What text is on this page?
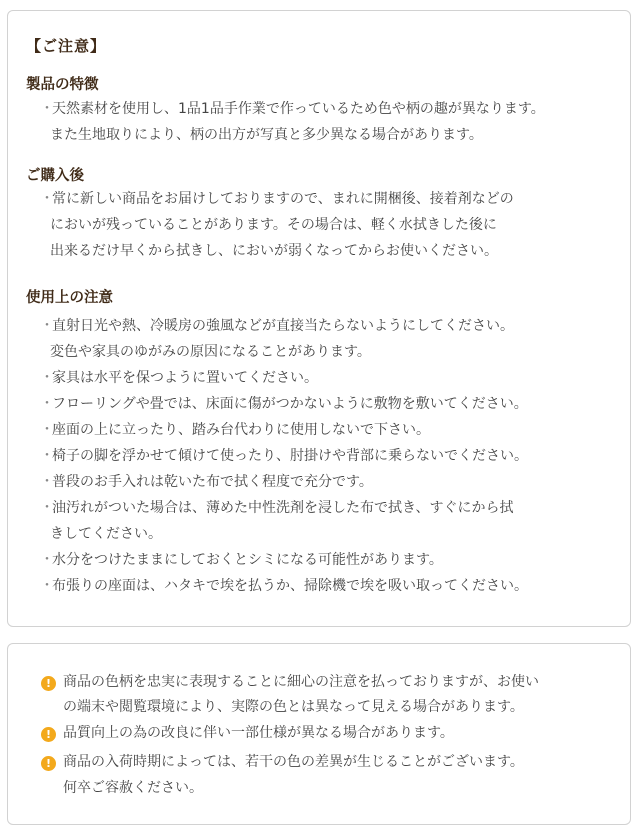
【ご注意】
製品の特徴
・天然素材を使用し、1品1品手作業で作っているため色や柄の趣が異なります。
また生地取りにより、柄の出方が写真と多少異なる場合があります。
ご購入後
・常に新しい商品をお届けしておりますので、まれに開梱後、接着剤などの
においが残っていることがあります。その場合は、軽く水拭きした後に
出来るだけ早くから拭きし、においが弱くなってからお使いください。
使用上の注意
・直射日光や熱、冷暖房の強風などが直接当たらないようにしてください。
変色や家具のゆがみの原因になることがあります。
・家具は水平を保つように置いてください。
・フローリングや畳では、床面に傷がつかないように敷物を敷いてください。
・座面の上に立ったり、踏み台代わりに使用しないで下さい。
・椅子の脚を浮かせて傾けて使ったり、肘掛けや背部に乗らないでください。
・普段のお手入れは乾いた布で拭く程度で充分です。
・油汚れがついた場合は、薄めた中性洗剤を浸した布で拭き、すぐにから拭
きしてください。
・水分をつけたままにしておくとシミになる可能性があります。
・布張りの座面は、ハタキで埃を払うか、掃除機で埃を吸い取ってください。
! 商品の色柄を忠実に表現することに細心の注意を払っておりますが、お使い
の端末や閲覧環境により、実際の色とは異なって見える場合があります。
! 品質向上の為の改良に伴い一部仕様が異なる場合があります。
! 商品の入荷時期によっては、若干の色の差異が生じることがございます。
何卒ご容赦ください。
